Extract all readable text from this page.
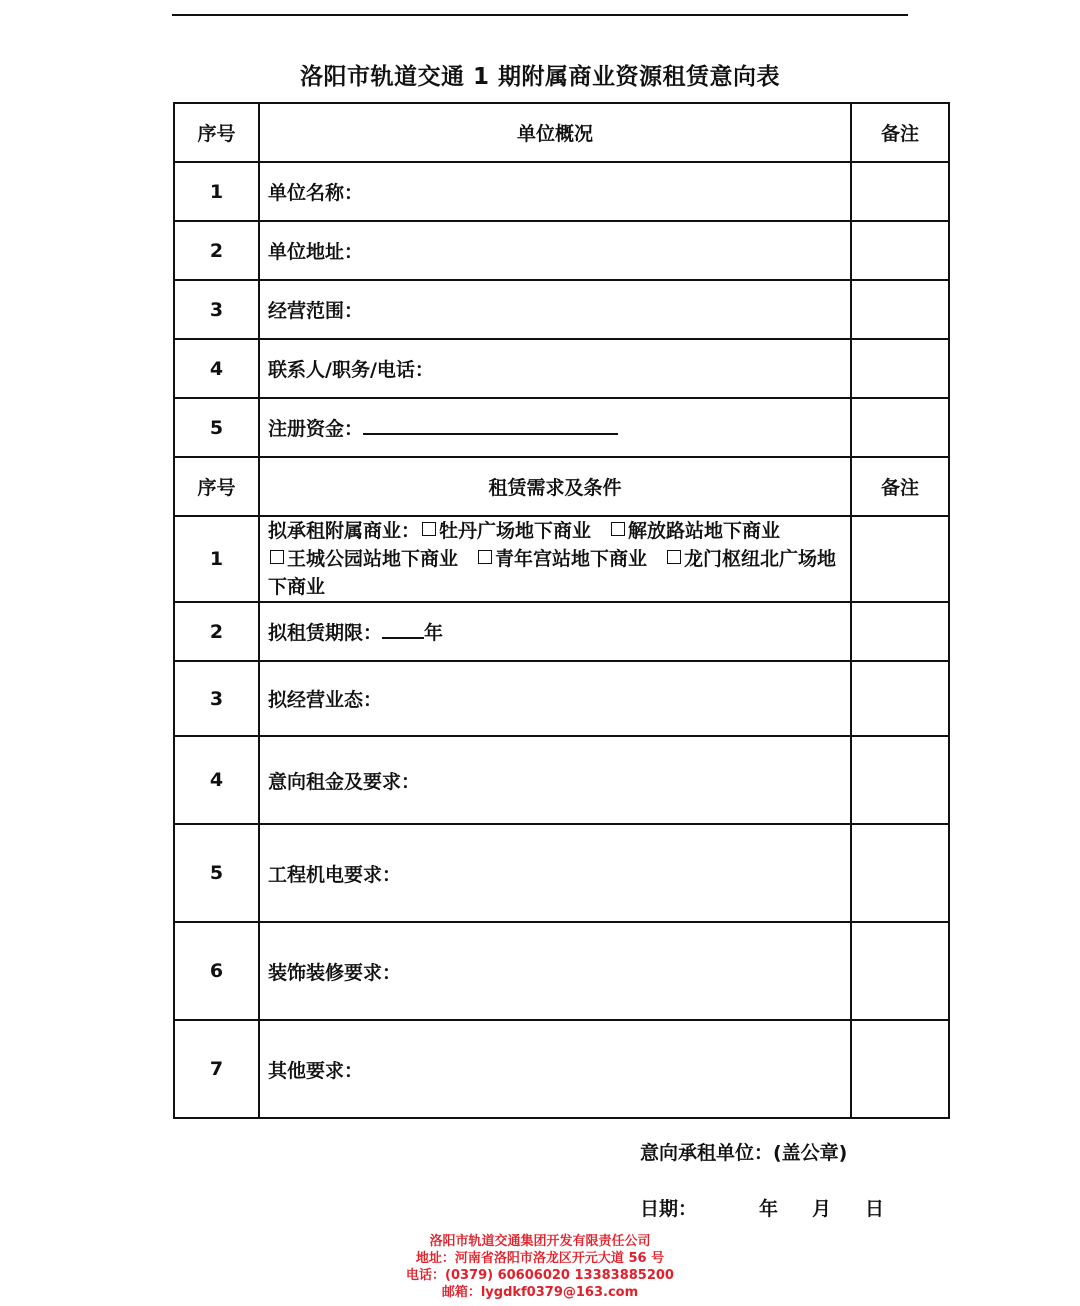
洛阳市轨道交通 1 期附属商业资源租赁意向表
序号	单位概况	备注
1	单位名称：	
2	单位地址：	
3	经营范围：	
4	联系人/职务/电话：	
5	注册资金：	
序号	租赁需求及条件	备注
1	拟承租附属商业： 牡丹广场地下商业 解放路站地下商业
王城公园站地下商业 青年宫站地下商业 龙门枢纽北广场地下商业	
2	拟租赁期限： 年	
3	拟经营业态：	
4	意向租金及要求：	
5	工程机电要求：	
6	装饰装修要求：	
7	其他要求：	
意向承租单位：(盖公章)
日期：	年 月 日
洛阳市轨道交通集团开发有限责任公司
地址：河南省洛阳市洛龙区开元大道 56 号
电话：(0379) 60606020 13383885200
邮箱：lygdkf0379@163.com
